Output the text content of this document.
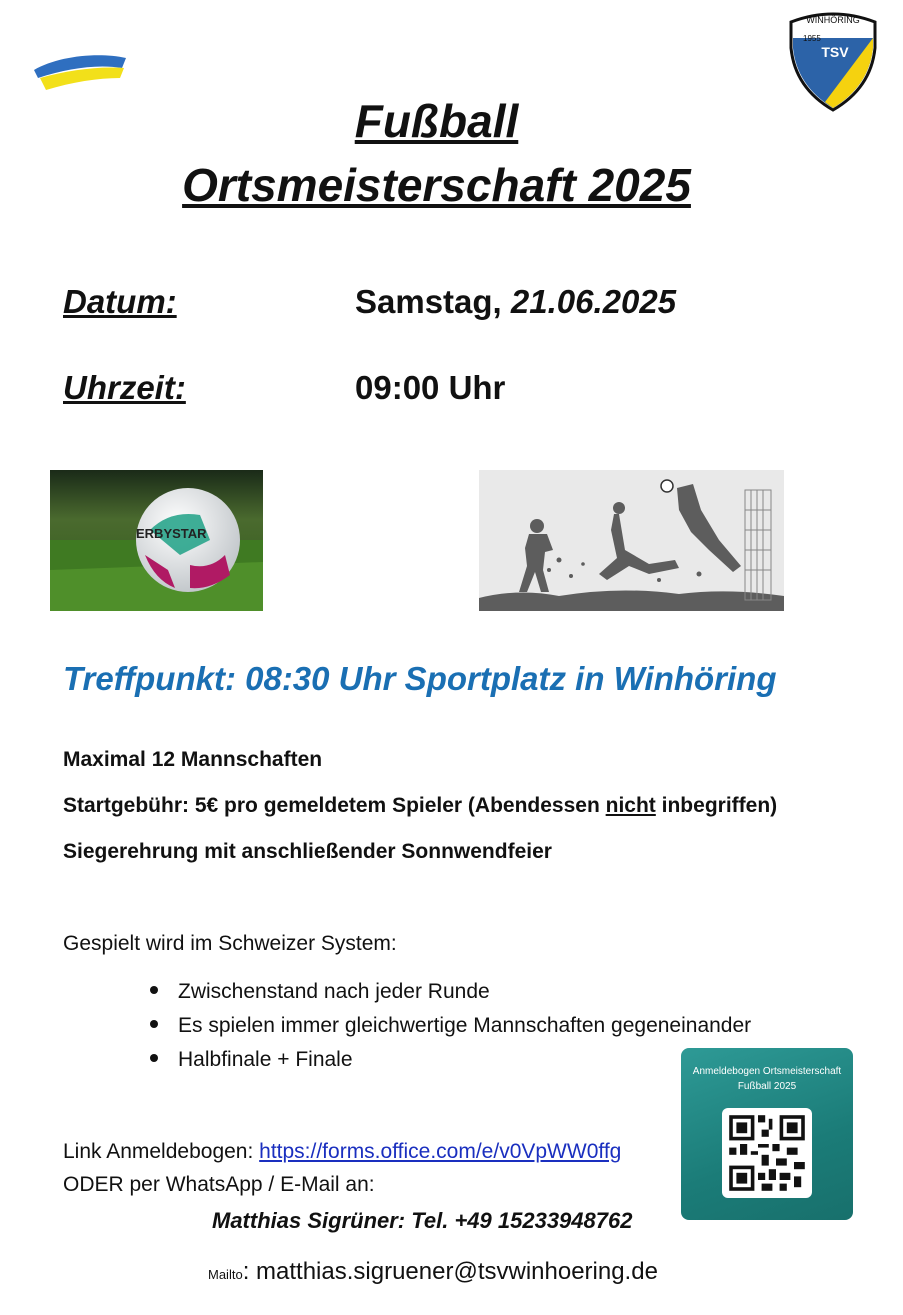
WINHÖRING
1955
TSV
Fußball
Ortsmeisterschaft 2025
Datum:	Samstag, 21.06.2025
Uhrzeit:	09:00 Uhr
ERBYSTAR
Treffpunkt: 08:30 Uhr Sportplatz in Winhöring
Maximal 12 Mannschaften
Startgebühr: 5€ pro gemeldetem Spieler (Abendessen nicht inbegriffen)
Siegerehrung mit anschließender Sonnwendfeier
Gespielt wird im Schweizer System:
Zwischenstand nach jeder Runde
Es spielen immer gleichwertige Mannschaften gegeneinander
Halbfinale + Finale
Anmeldebogen Ortsmeisterschaft
Fußball 2025
Link Anmeldebogen: https://forms.office.com/e/v0VpWW0ffg
ODER per WhatsApp / E-Mail an:
Matthias Sigrüner: Tel. +49 15233948762
Mailto: matthias.sigruener@tsvwinhoering.de
